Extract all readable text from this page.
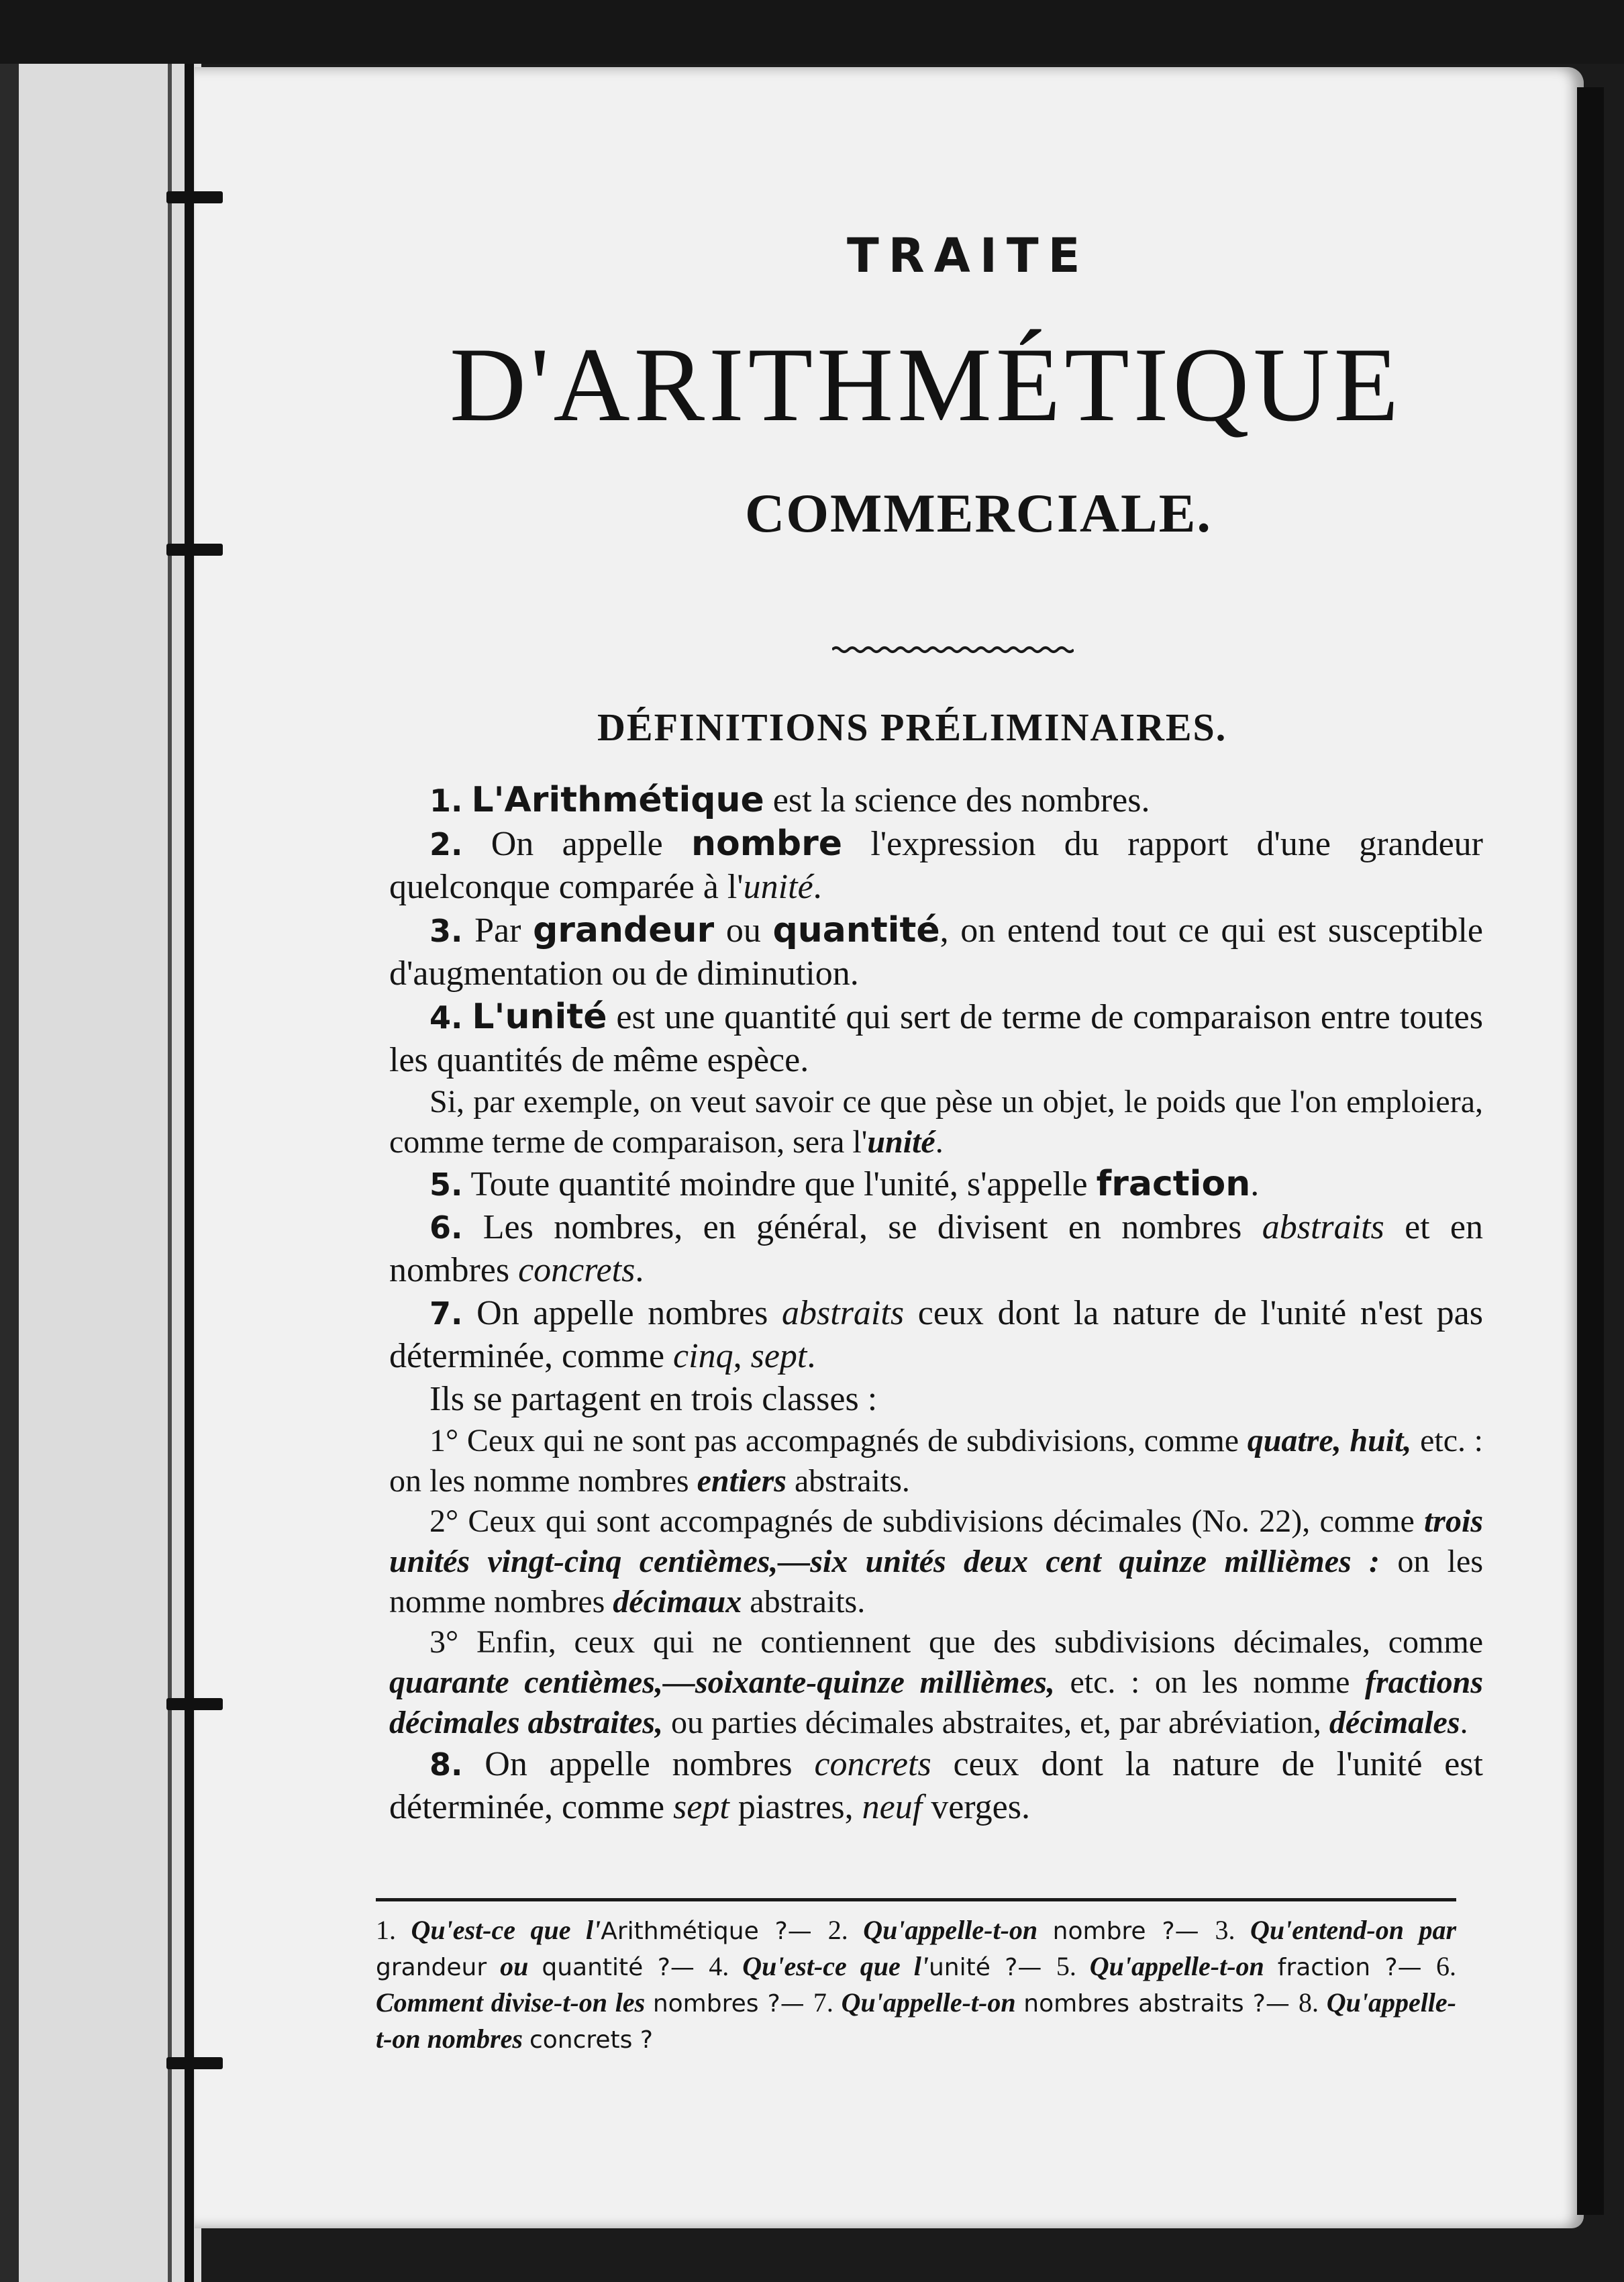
TRAITE
D'ARITHMÉTIQUE
COMMERCIALE.
DÉFINITIONS PRÉLIMINAIRES.

1. L'Arithmétique est la science des nombres.

2. On appelle nombre l'expression du rapport d'une grandeur quelconque comparée à l'unité.

3. Par grandeur ou quantité, on entend tout ce qui est susceptible d'augmentation ou de diminution.

4. L'unité est une quantité qui sert de terme de comparaison entre toutes les quantités de même espèce.

Si, par exemple, on veut savoir ce que pèse un objet, le poids que l'on emploiera, comme terme de comparaison, sera l'unité.

5. Toute quantité moindre que l'unité, s'appelle fraction.

6. Les nombres, en général, se divisent en nombres abstraits et en nombres concrets.

7. On appelle nombres abstraits ceux dont la nature de l'unité n'est pas déterminée, comme cinq, sept.

Ils se partagent en trois classes :

1° Ceux qui ne sont pas accompagnés de subdivisions, comme quatre, huit, etc. : on les nomme nombres entiers abstraits.

2° Ceux qui sont accompagnés de subdivisions décimales (No. 22), comme trois unités vingt-cinq centièmes,—six unités deux cent quinze millièmes : on les nomme nombres décimaux abstraits.

3° Enfin, ceux qui ne contiennent que des subdivisions décimales, comme quarante centièmes,—soixante-quinze millièmes, etc. : on les nomme fractions décimales abstraites, ou parties décimales abstraites, et, par abréviation, décimales.

8. On appelle nombres concrets ceux dont la nature de l'unité est déterminée, comme sept piastres, neuf verges.

1. Qu'est-ce que l'Arithmétique ?— 2. Qu'appelle-t-on nombre ?— 3. Qu'entend-on par grandeur ou quantité ?— 4. Qu'est-ce que l'unité ?— 5. Qu'appelle-t-on fraction ?— 6. Comment divise-t-on les nombres ?— 7. Qu'appelle-t-on nombres abstraits ?— 8. Qu'appelle-t-on nombres concrets ?
